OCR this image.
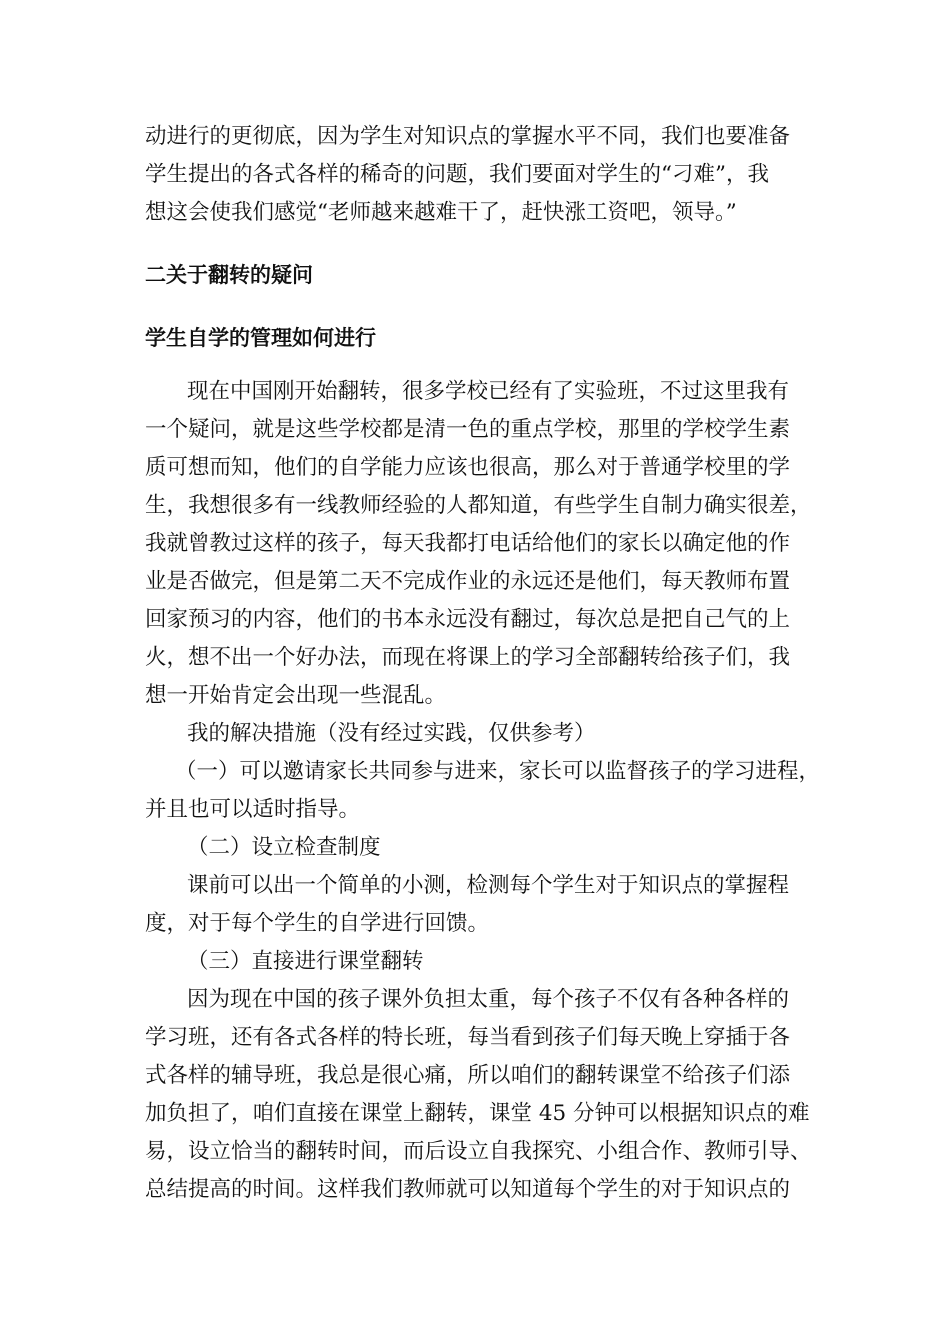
动进行的更彻底，因为学生对知识点的掌握水平不同，我们也要准备
学生提出的各式各样的稀奇的问题，我们要面对学生的“刁难”，我
想这会使我们感觉“老师越来越难干了，赶快涨工资吧，领导。”
二关于翻转的疑问
学生自学的管理如何进行
现在中国刚开始翻转，很多学校已经有了实验班，不过这里我有
一个疑问，就是这些学校都是清一色的重点学校，那里的学校学生素
质可想而知，他们的自学能力应该也很高，那么对于普通学校里的学
生，我想很多有一线教师经验的人都知道，有些学生自制力确实很差，
我就曾教过这样的孩子，每天我都打电话给他们的家长以确定他的作
业是否做完，但是第二天不完成作业的永远还是他们，每天教师布置
回家预习的内容，他们的书本永远没有翻过，每次总是把自己气的上
火，想不出一个好办法，而现在将课上的学习全部翻转给孩子们，我
想一开始肯定会出现一些混乱。
我的解决措施（没有经过实践，仅供参考）
（一）可以邀请家长共同参与进来，家长可以监督孩子的学习进程，
并且也可以适时指导。
（二）设立检查制度
课前可以出一个简单的小测，检测每个学生对于知识点的掌握程
度，对于每个学生的自学进行回馈。
（三）直接进行课堂翻转
因为现在中国的孩子课外负担太重，每个孩子不仅有各种各样的
学习班，还有各式各样的特长班，每当看到孩子们每天晚上穿插于各
式各样的辅导班，我总是很心痛，所以咱们的翻转课堂不给孩子们添
加负担了，咱们直接在课堂上翻转，课堂 45 分钟可以根据知识点的难
易，设立恰当的翻转时间，而后设立自我探究、小组合作、教师引导、
总结提高的时间。这样我们教师就可以知道每个学生的对于知识点的
